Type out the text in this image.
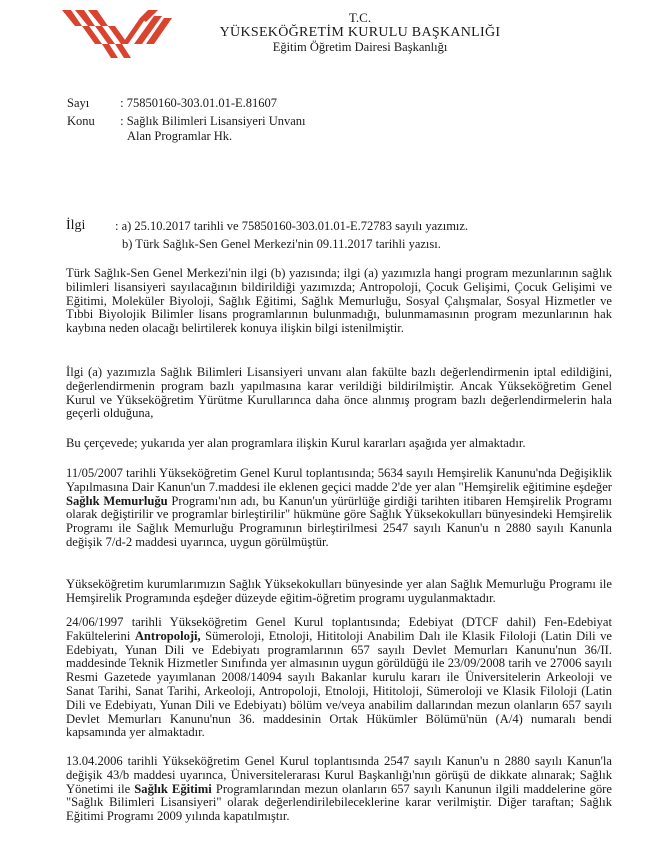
T.C.
YÜKSEKÖĞRETİM KURULU BAŞKANLIĞI
Eğitim Öğretim Dairesi Başkanlığı
Sayı : 75850160-303.01.01-E.81607
Konu : Sağlık Bilimleri Lisansiyeri Unvanı
Alan Programlar Hk.
İlgi : a) 25.10.2017 tarihli ve 75850160-303.01.01-E.72783 sayılı yazımız.
b) Türk Sağlık-Sen Genel Merkezi'nin 09.11.2017 tarihli yazısı.

Türk Sağlık-Sen Genel Merkezi'nin ilgi (b) yazısında; ilgi (a) yazımızla hangi program mezunlarının sağlık bilimleri lisansiyeri sayılacağının bildirildiği yazımızda; Antropoloji, Çocuk Gelişimi, Çocuk Gelişimi ve Eğitimi, Moleküler Biyoloji, Sağlık Eğitimi, Sağlık Memurluğu, Sosyal Çalışmalar, Sosyal Hizmetler ve Tıbbi Biyolojik Bilimler lisans programlarının bulunmadığı, bulunmamasının program mezunlarının hak kaybına neden olacağı belirtilerek konuya ilişkin bilgi istenilmiştir.

İlgi (a) yazımızla Sağlık Bilimleri Lisansiyeri unvanı alan fakülte bazlı değerlendirmenin iptal edildiğini, değerlendirmenin program bazlı yapılmasına karar verildiği bildirilmiştir. Ancak Yükseköğretim Genel Kurul ve Yükseköğretim Yürütme Kurullarınca daha önce alınmış program bazlı değerlendirmelerin hala geçerli olduğuna,

Bu çerçevede; yukarıda yer alan programlara ilişkin Kurul kararları aşağıda yer almaktadır.

11/05/2007 tarihli Yükseköğretim Genel Kurul toplantısında; 5634 sayılı Hemşirelik Kanunu'nda Değişiklik Yapılmasına Dair Kanun'un 7.maddesi ile eklenen geçici madde 2'de yer alan "Hemşirelik eğitimine eşdeğer Sağlık Memurluğu Programı'nın adı, bu Kanun'un yürürlüğe girdiği tarihten itibaren Hemşirelik Programı olarak değiştirilir ve programlar birleştirilir" hükmüne göre Sağlık Yüksekokulları bünyesindeki Hemşirelik Programı ile Sağlık Memurluğu Programının birleştirilmesi 2547 sayılı Kanun'u n 2880 sayılı Kanunla değişik 7/d-2 maddesi uyarınca, uygun görülmüştür.

Yükseköğretim kurumlarımızın Sağlık Yüksekokulları bünyesinde yer alan Sağlık Memurluğu Programı ile Hemşirelik Programında eşdeğer düzeyde eğitim-öğretim programı uygulanmaktadır.

24/06/1997 tarihli Yükseköğretim Genel Kurul toplantısında; Edebiyat (DTCF dahil) Fen-Edebiyat Fakültelerini Antropoloji, Sümeroloji, Etnoloji, Hititoloji Anabilim Dalı ile Klasik Filoloji (Latin Dili ve Edebiyatı, Yunan Dili ve Edebiyatı programlarının 657 sayılı Devlet Memurları Kanunu'nun 36/II. maddesinde Teknik Hizmetler Sınıfında yer almasının uygun görüldüğü ile 23/09/2008 tarih ve 27006 sayılı Resmi Gazetede yayımlanan 2008/14094 sayılı Bakanlar kurulu kararı ile Üniversitelerin Arkeoloji ve Sanat Tarihi, Sanat Tarihi, Arkeoloji, Antropoloji, Etnoloji, Hititoloji, Sümeroloji ve Klasik Filoloji (Latin Dili ve Edebiyatı, Yunan Dili ve Edebiyatı) bölüm ve/veya anabilim dallarından mezun olanların 657 sayılı Devlet Memurları Kanunu'nun 36. maddesinin Ortak Hükümler Bölümü'nün (A/4) numaralı bendi kapsamında yer almaktadır.

13.04.2006 tarihli Yükseköğretim Genel Kurul toplantısında 2547 sayılı Kanun'u n 2880 sayılı Kanun'la değişik 43/b maddesi uyarınca, Üniversitelerarası Kurul Başkanlığı'nın görüşü de dikkate alınarak; Sağlık Yönetimi ile Sağlık Eğitimi Programlarından mezun olanların 657 sayılı Kanunun ilgili maddelerine göre "Sağlık Bilimleri Lisansiyeri" olarak değerlendirilebileceklerine karar verilmiştir. Diğer taraftan; Sağlık Eğitimi Programı 2009 yılında kapatılmıştır.
